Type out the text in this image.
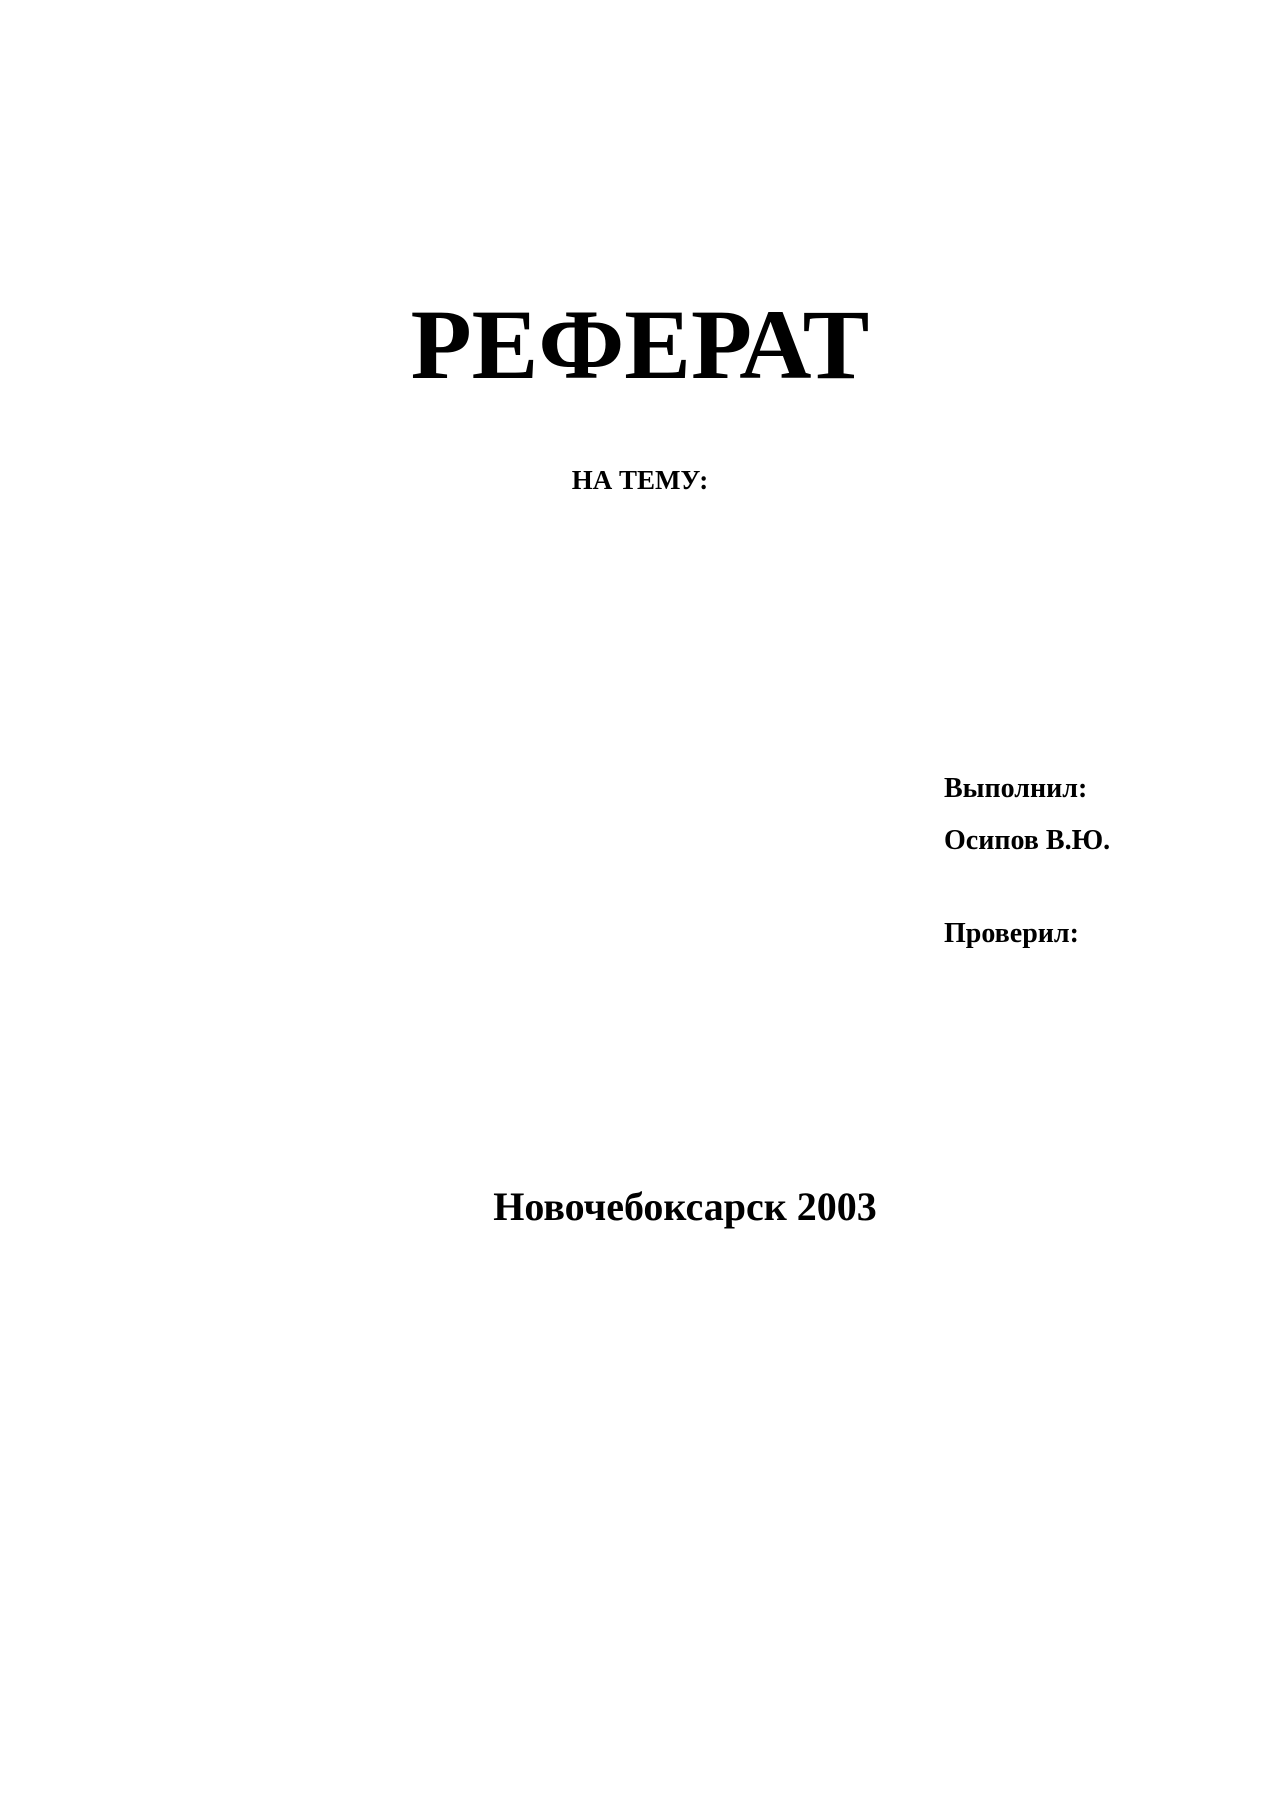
РЕФЕРАТ
НА ТЕМУ:
Выполнил:
Осипов В.Ю.
Проверил:
Новочебоксарск 2003
